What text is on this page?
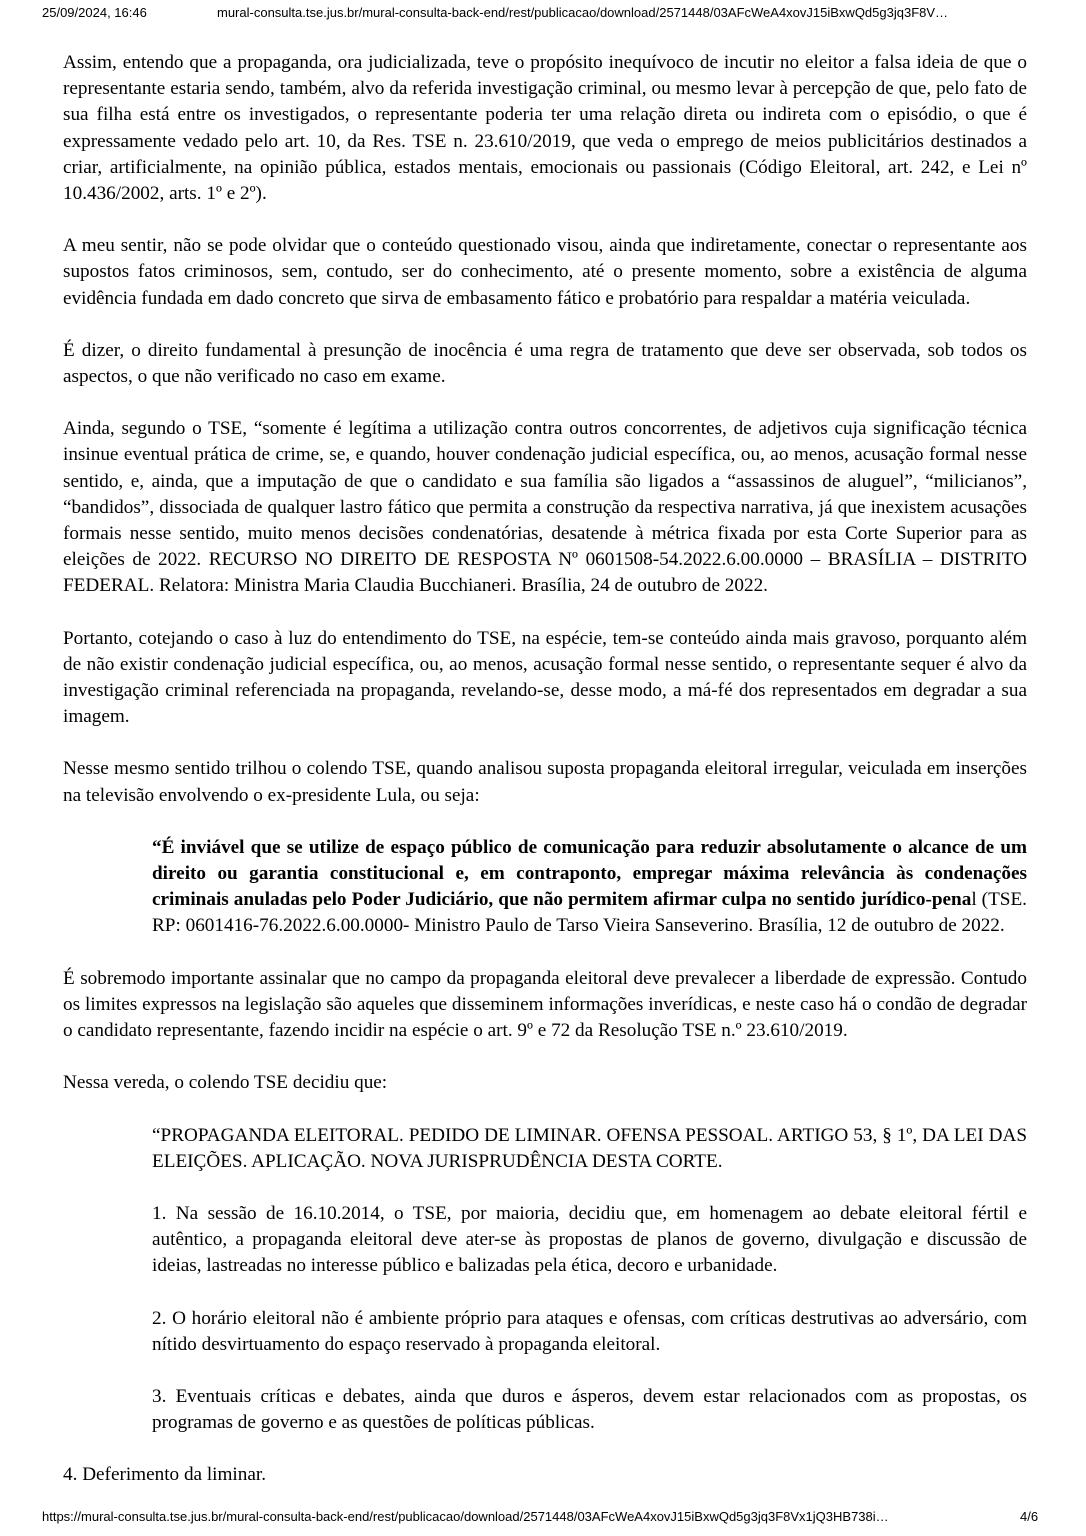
25/09/2024, 16:46	mural-consulta.tse.jus.br/mural-consulta-back-end/rest/publicacao/download/2571448/03AFcWeA4xovJ15iBxwQd5g3jq3F8V…

Assim, entendo que a propaganda, ora judicializada, teve o propósito inequívoco de incutir no eleitor a falsa ideia de que o representante estaria sendo, também, alvo da referida investigação criminal, ou mesmo levar à percepção de que, pelo fato de sua filha está entre os investigados, o representante poderia ter uma relação direta ou indireta com o episódio, o que é expressamente vedado pelo art. 10, da Res. TSE n. 23.610/2019, que veda o emprego de meios publicitários destinados a criar, artificialmente, na opinião pública, estados mentais, emocionais ou passionais (Código Eleitoral, art. 242, e Lei nº 10.436/2002, arts. 1º e 2º).

A meu sentir, não se pode olvidar que o conteúdo questionado visou, ainda que indiretamente, conectar o representante aos supostos fatos criminosos, sem, contudo, ser do conhecimento, até o presente momento, sobre a existência de alguma evidência fundada em dado concreto que sirva de embasamento fático e probatório para respaldar a matéria veiculada.

É dizer, o direito fundamental à presunção de inocência é uma regra de tratamento que deve ser observada, sob todos os aspectos, o que não verificado no caso em exame.

Ainda, segundo o TSE, “somente é legítima a utilização contra outros concorrentes, de adjetivos cuja significação técnica insinue eventual prática de crime, se, e quando, houver condenação judicial específica, ou, ao menos, acusação formal nesse sentido, e, ainda, que a imputação de que o candidato e sua família são ligados a “assassinos de aluguel”, “milicianos”, “bandidos”, dissociada de qualquer lastro fático que permita a construção da respectiva narrativa, já que inexistem acusações formais nesse sentido, muito menos decisões condenatórias, desatende à métrica fixada por esta Corte Superior para as eleições de 2022. RECURSO NO DIREITO DE RESPOSTA Nº 0601508-54.2022.6.00.0000 – BRASÍLIA – DISTRITO FEDERAL. Relatora: Ministra Maria Claudia Bucchianeri. Brasília, 24 de outubro de 2022.

Portanto, cotejando o caso à luz do entendimento do TSE, na espécie, tem-se conteúdo ainda mais gravoso, porquanto além de não existir condenação judicial específica, ou, ao menos, acusação formal nesse sentido, o representante sequer é alvo da investigação criminal referenciada na propaganda, revelando-se, desse modo, a má-fé dos representados em degradar a sua imagem.

Nesse mesmo sentido trilhou o colendo TSE, quando analisou suposta propaganda eleitoral irregular, veiculada em inserções na televisão envolvendo o ex-presidente Lula, ou seja:

“É inviável que se utilize de espaço público de comunicação para reduzir absolutamente o alcance de um direito ou garantia constitucional e, em contraponto, empregar máxima relevância às condenações criminais anuladas pelo Poder Judiciário, que não permitem afirmar culpa no sentido jurídico-penal (TSE. RP: 0601416-76.2022.6.00.0000- Ministro Paulo de Tarso Vieira Sanseverino. Brasília, 12 de outubro de 2022.

É sobremodo importante assinalar que no campo da propaganda eleitoral deve prevalecer a liberdade de expressão. Contudo os limites expressos na legislação são aqueles que disseminem informações inverídicas, e neste caso há o condão de degradar o candidato representante, fazendo incidir na espécie o art. 9º e 72 da Resolução TSE n.º 23.610/2019.

Nessa vereda, o colendo TSE decidiu que:

“PROPAGANDA ELEITORAL. PEDIDO DE LIMINAR. OFENSA PESSOAL. ARTIGO 53, § 1º, DA LEI DAS ELEIÇÕES. APLICAÇÃO. NOVA JURISPRUDÊNCIA DESTA CORTE.

1. Na sessão de 16.10.2014, o TSE, por maioria, decidiu que, em homenagem ao debate eleitoral fértil e autêntico, a propaganda eleitoral deve ater-se às propostas de planos de governo, divulgação e discussão de ideias, lastreadas no interesse público e balizadas pela ética, decoro e urbanidade.

2. O horário eleitoral não é ambiente próprio para ataques e ofensas, com críticas destrutivas ao adversário, com nítido desvirtuamento do espaço reservado à propaganda eleitoral.

3. Eventuais críticas e debates, ainda que duros e ásperos, devem estar relacionados com as propostas, os programas de governo e as questões de políticas públicas.

4. Deferimento da liminar.

https://mural-consulta.tse.jus.br/mural-consulta-back-end/rest/publicacao/download/2571448/03AFcWeA4xovJ15iBxwQd5g3jq3F8Vx1jQ3HB738i…	4/6
